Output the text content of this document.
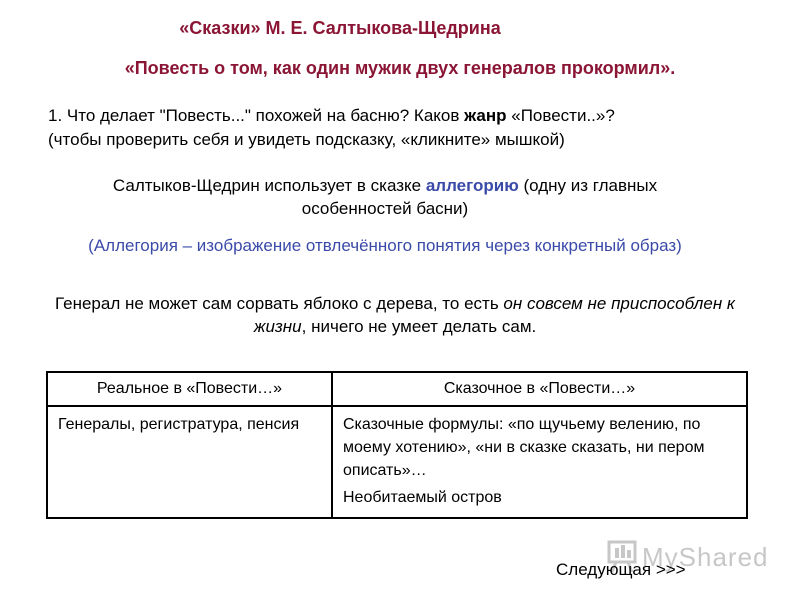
«Сказки» М. Е. Салтыкова-Щедрина
«Повесть о том, как один мужик двух генералов прокормил».
1. Что делает "Повесть..." похожей на басню? Каков жанр «Повести..»?
(чтобы проверить себя и увидеть подсказку, «кликните» мышкой)
Салтыков-Щедрин использует в сказке аллегорию (одну из главных особенностей басни)
(Аллегория – изображение отвлечённого понятия через конкретный образ)
Генерал не может сам сорвать яблоко с дерева, то есть он совсем не приспособлен к жизни, ничего не умеет делать сам.
Реальное в «Повести…»	Сказочное в «Повести…»
Генералы, регистратура, пенсия	Сказочные формулы: «по щучьему велению, по моему хотению», «ни в сказке сказать, ни пером описать»…
Необитаемый остров
MyShared
Следующая >>>
